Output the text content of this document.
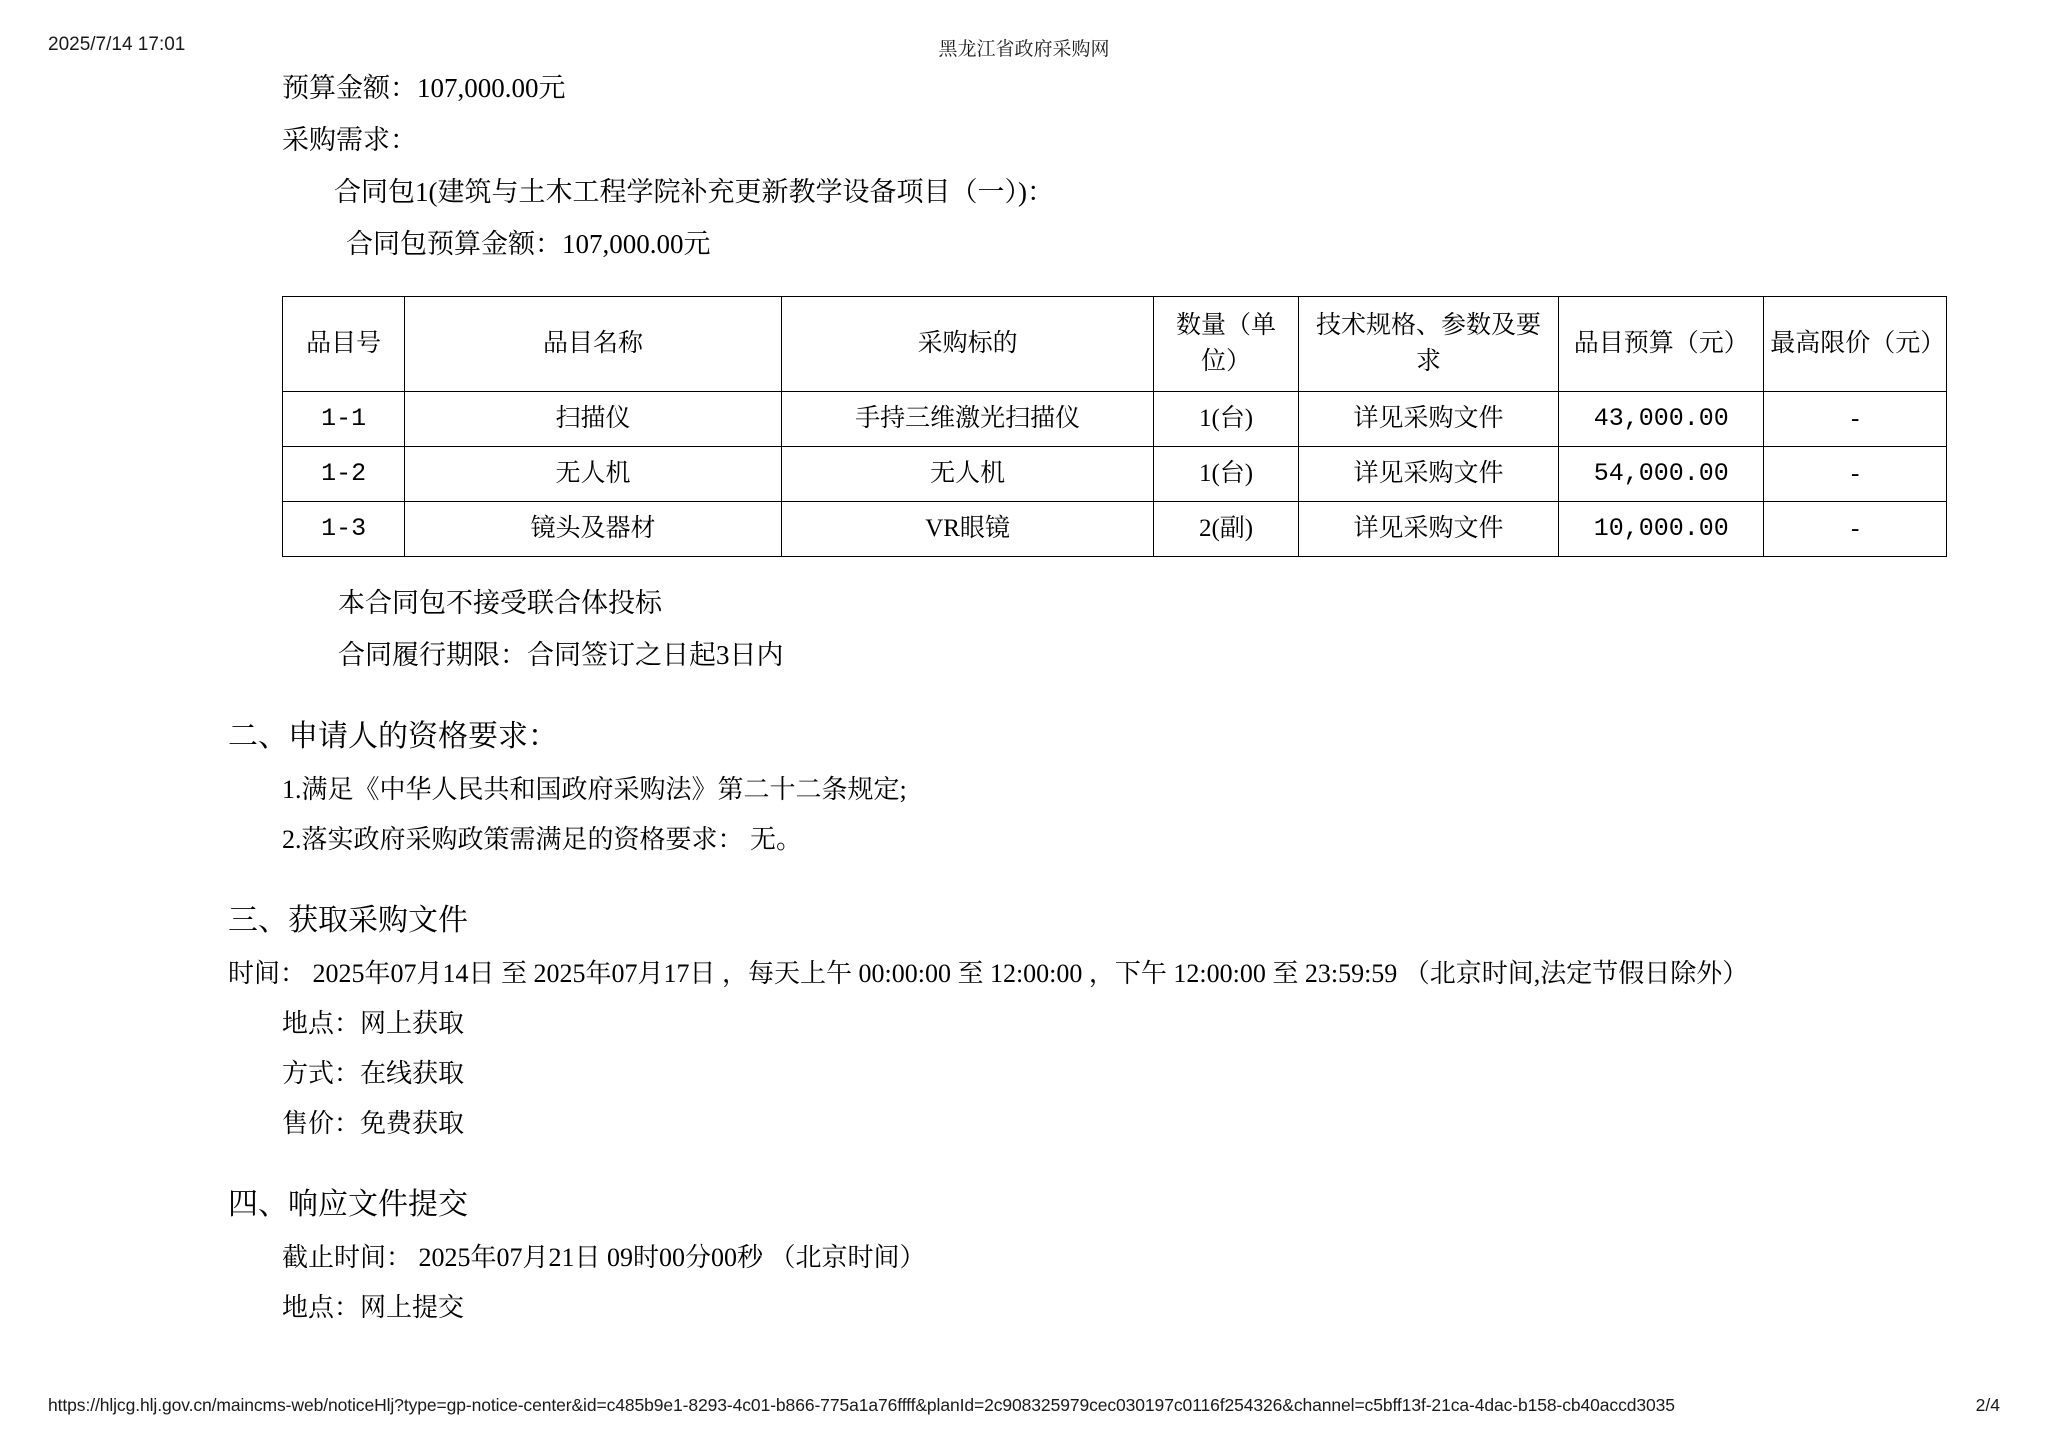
2025/7/14 17:01	黑龙江省政府采购网
预算金额：107,000.00元
采购需求：
合同包1(建筑与土木工程学院补充更新教学设备项目（一）)：
合同包预算金额：107,000.00元
品目号	品目名称	采购标的	数量（单位）	技术规格、参数及要求	品目预算（元）	最高限价（元）
1-1	扫描仪	手持三维激光扫描仪	1(台)	详见采购文件	43,000.00	-
1-2	无人机	无人机	1(台)	详见采购文件	54,000.00	-
1-3	镜头及器材	VR眼镜	2(副)	详见采购文件	10,000.00	-
本合同包不接受联合体投标
合同履行期限：合同签订之日起3日内
二、申请人的资格要求：
1.满足《中华人民共和国政府采购法》第二十二条规定;
2.落实政府采购政策需满足的资格要求： 无。
三、获取采购文件
时间： 2025年07月14日 至 2025年07月17日 ，每天上午 00:00:00 至 12:00:00 ，下午 12:00:00 至 23:59:59 （北京时间,法定节假日除外）
地点：网上获取
方式：在线获取
售价：免费获取
四、响应文件提交
截止时间： 2025年07月21日 09时00分00秒 （北京时间）
地点：网上提交
https://hljcg.hlj.gov.cn/maincms-web/noticeHlj?type=gp-notice-center&id=c485b9e1-8293-4c01-b866-775a1a76ffff&planId=2c908325979cec030197c0116f254326&channel=c5bff13f-21ca-4dac-b158-cb40accd3035	2/4
